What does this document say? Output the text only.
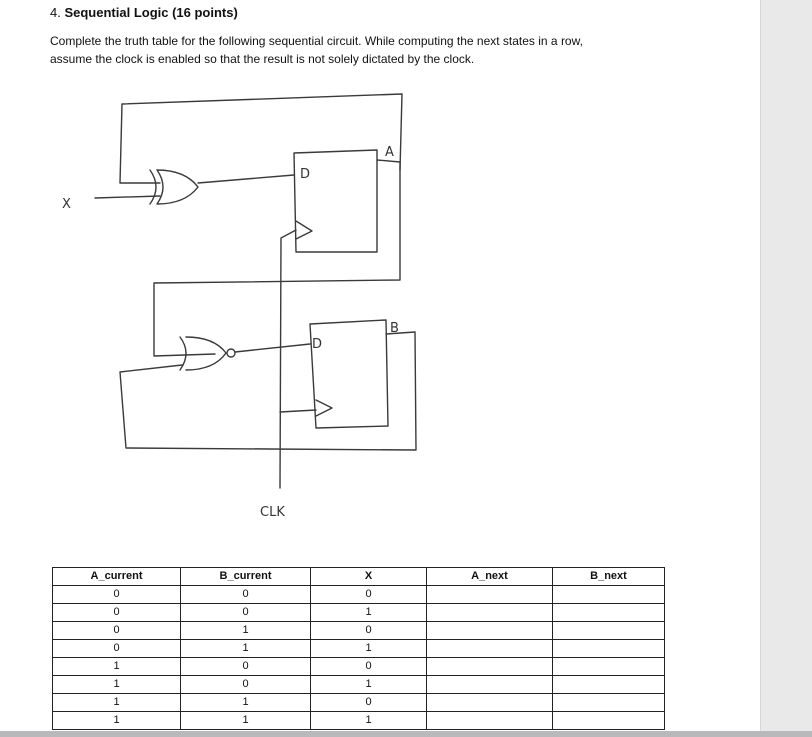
4. Sequential Logic (16 points)
Complete the truth table for the following sequential circuit. While computing the next states in a row,
assume the clock is enabled so that the result is not solely dictated by the clock.
X
D
A
D
B
CLK
A_current	B_current	X	A_next	B_next
0	0	0		
0	0	1		
0	1	0		
0	1	1		
1	0	0		
1	0	1		
1	1	0		
1	1	1		
